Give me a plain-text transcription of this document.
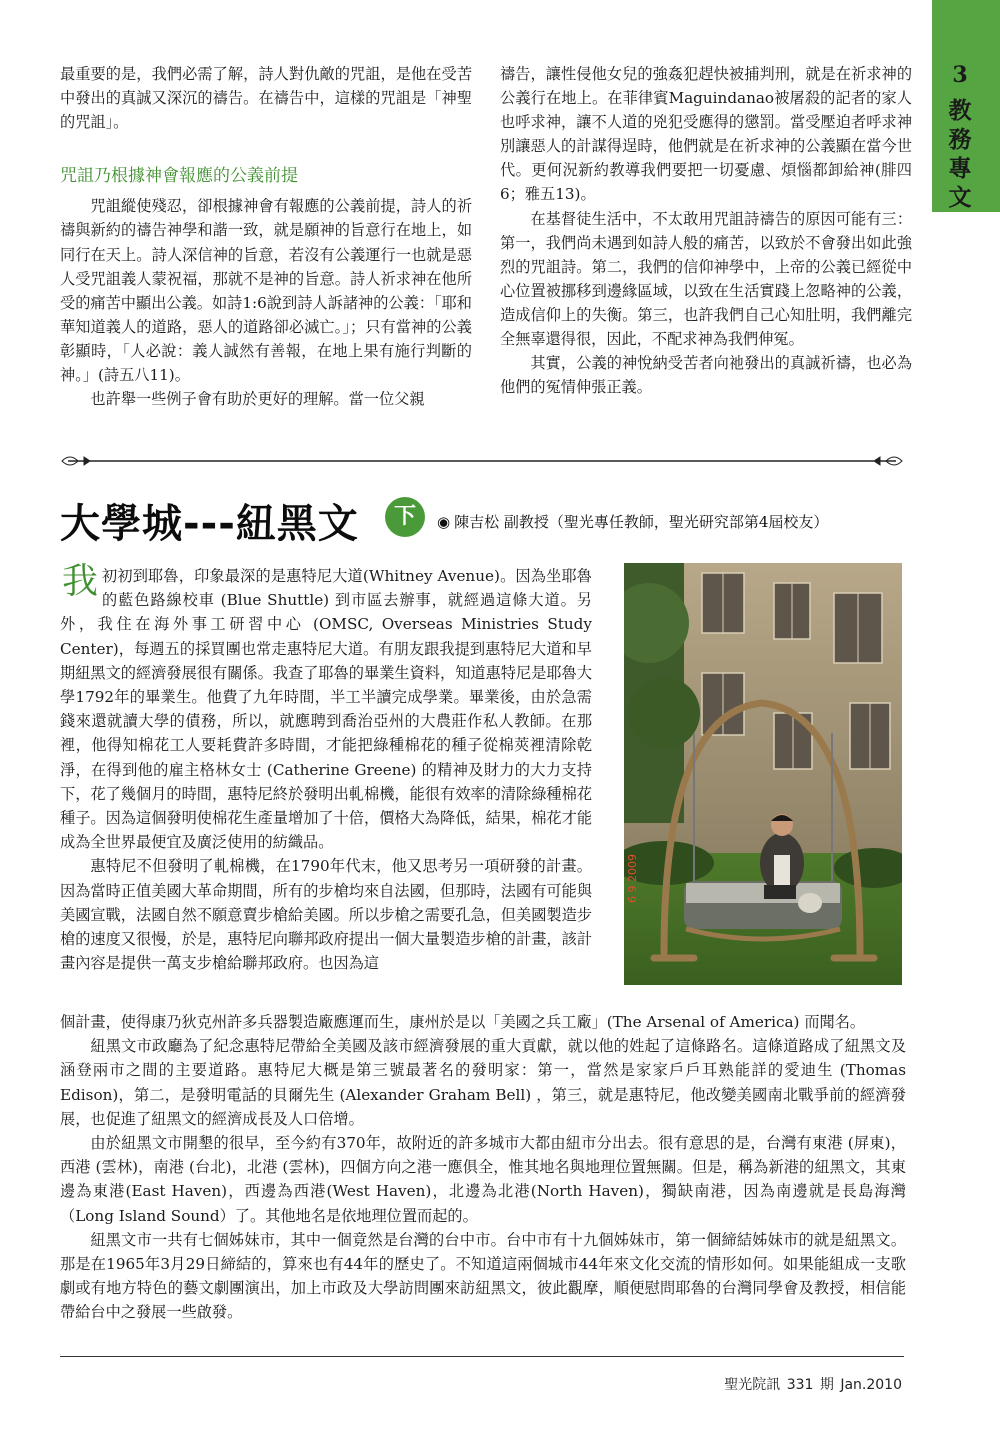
3
教
務
專
文

最重要的是，我們必需了解，詩人對仇敵的咒詛，是他在受苦中發出的真誠又深沉的禱告。在禱告中，這樣的咒詛是「神聖的咒詛」。

咒詛乃根據神會報應的公義前提

咒詛縱使殘忍，卻根據神會有報應的公義前提，詩人的祈禱與新約的禱告神學和諧一致，就是願神的旨意行在地上，如同行在天上。詩人深信神的旨意，若沒有公義運行一也就是惡人受咒詛義人蒙祝福，那就不是神的旨意。詩人祈求神在他所受的痛苦中顯出公義。如詩1:6說到詩人訴諸神的公義：「耶和華知道義人的道路，惡人的道路卻必滅亡。」；只有當神的公義彰顯時，「人必說：義人誠然有善報，在地上果有施行判斷的神。」(詩五八11)。

也許舉一些例子會有助於更好的理解。當一位父親

禱告，讓性侵他女兒的強姦犯趕快被捕判刑，就是在祈求神的公義行在地上。在菲律賓Maguindanao被屠殺的記者的家人也呼求神，讓不人道的兇犯受應得的懲罰。當受壓迫者呼求神別讓惡人的計謀得逞時，他們就是在祈求神的公義顯在當今世代。更何況新約教導我們要把一切憂慮、煩惱都卸給神(腓四6；雅五13)。

在基督徒生活中，不太敢用咒詛詩禱告的原因可能有三：第一，我們尚未遇到如詩人般的痛苦，以致於不會發出如此強烈的咒詛詩。第二，我們的信仰神學中，上帝的公義已經從中心位置被挪移到邊緣區域，以致在生活實踐上忽略神的公義，造成信仰上的失衡。第三，也許我們自己心知肚明，我們離完全無辜還得很，因此，不配求神為我們伸冤。

其實，公義的神悅納受苦者向祂發出的真誠祈禱，也必為他們的冤情伸張正義。

大學城---紐黑文	下	◉ 陳吉松 副教授（聖光專任教師，聖光研究部第4屆校友）

我初初到耶魯，印象最深的是惠特尼大道(Whitney Avenue)。因為坐耶魯的藍色路線校車 (Blue Shuttle) 到市區去辦事，就經過這條大道。另外，我住在海外事工研習中心 (OMSC, Overseas Ministries Study Center)，每週五的採買團也常走惠特尼大道。有朋友跟我提到惠特尼大道和早期紐黑文的經濟發展很有關係。我查了耶魯的畢業生資料，知道惠特尼是耶魯大學1792年的畢業生。他費了九年時間，半工半讀完成學業。畢業後，由於急需錢來還就讀大學的債務，所以，就應聘到喬治亞州的大農莊作私人教師。在那裡，他得知棉花工人要耗費許多時間，才能把綠種棉花的種子從棉莢裡清除乾淨，在得到他的雇主格林女士 (Catherine Greene) 的精神及財力的大力支持下，花了幾個月的時間，惠特尼終於發明出軋棉機，能很有效率的清除綠種棉花種子。因為這個發明使棉花生產量增加了十倍，價格大為降低，結果，棉花才能成為全世界最便宜及廣泛使用的紡織品。

惠特尼不但發明了軋棉機，在1790年代末，他又思考另一項研發的計畫。因為當時正值美國大革命期間，所有的步槍均來自法國，但那時，法國有可能與美國宣戰，法國自然不願意賣步槍給美國。所以步槍之需要孔急，但美國製造步槍的速度又很慢，於是，惠特尼向聯邦政府提出一個大量製造步槍的計畫，該計畫內容是提供一萬支步槍給聯邦政府。也因為這

6 9 2009

個計畫，使得康乃狄克州許多兵器製造廠應運而生，康州於是以「美國之兵工廠」(The Arsenal of America) 而聞名。

紐黑文市政廳為了紀念惠特尼帶給全美國及該市經濟發展的重大貢獻，就以他的姓起了這條路名。這條道路成了紐黑文及涵登兩市之間的主要道路。惠特尼大概是第三號最著名的發明家：第一，當然是家家戶戶耳熟能詳的愛迪生 (Thomas Edison)，第二，是發明電話的貝爾先生 (Alexander Graham Bell) ，第三，就是惠特尼，他改變美國南北戰爭前的經濟發展，也促進了紐黑文的經濟成長及人口倍增。

由於紐黑文市開墾的很早，至今約有370年，故附近的許多城市大都由紐市分出去。很有意思的是，台灣有東港 (屏東)，西港 (雲林)，南港 (台北)，北港 (雲林)，四個方向之港一應俱全，惟其地名與地理位置無關。但是，稱為新港的紐黑文，其東邊為東港(East Haven)，西邊為西港(West Haven)，北邊為北港(North Haven)，獨缺南港，因為南邊就是長島海灣（Long Island Sound）了。其他地名是依地理位置而起的。

紐黑文市一共有七個姊妹市，其中一個竟然是台灣的台中市。台中市有十九個姊妹市，第一個締結姊妹市的就是紐黑文。那是在1965年3月29日締結的，算來也有44年的歷史了。不知道這兩個城市44年來文化交流的情形如何。如果能組成一支歌劇或有地方特色的藝文劇團演出，加上市政及大學訪問團來訪紐黑文，彼此觀摩，順便慰問耶魯的台灣同學會及教授，相信能帶給台中之發展一些啟發。

聖光院訊 331 期 Jan.2010
